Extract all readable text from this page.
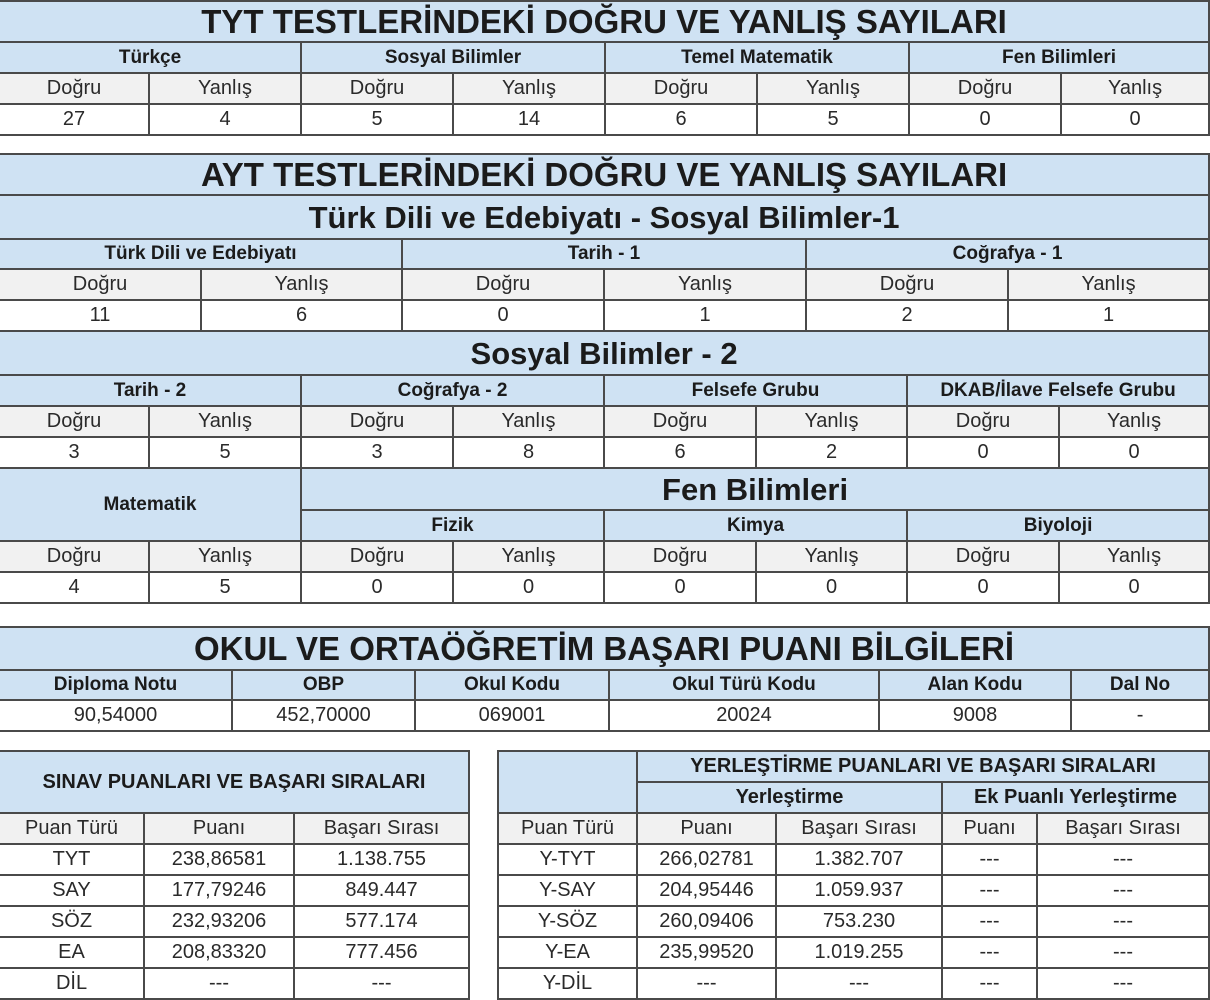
TYT TESTLERİNDEKİ DOĞRU VE YANLIŞ SAYILARI							
Türkçe		Sosyal Bilimler		Temel Matematik		Fen Bilimleri	
Doğru	Yanlış	Doğru	Yanlış	Doğru	Yanlış	Doğru	Yanlış
27	4	5	14	6	5	0	0
AYT TESTLERİNDEKİ DOĞRU VE YANLIŞ SAYILARI											
Türk Dili ve Edebiyatı - Sosyal Bilimler-1											
Türk Dili ve Edebiyatı				Tarih - 1				Coğrafya - 1			
Doğru		Yanlış		Doğru		Yanlış		Doğru		Yanlış	
11		6		0		1		2		1	
Sosyal Bilimler - 2											
Tarih - 2			Coğrafya - 2			Felsefe Grubu			DKAB/İlave Felsefe Grubu		
Doğru	Yanlış		Doğru		Yanlış	Doğru	Yanlış		Doğru		Yanlış
3	5		3		8	6	2		0		0
Matematik			Fen Bilimleri								
			Fizik			Kimya			Biyoloji		
Doğru	Yanlış		Doğru		Yanlış	Doğru	Yanlış		Doğru		Yanlış
4	5		0		0	0	0		0		0
OKUL VE ORTAÖĞRETİM BAŞARI PUANI BİLGİLERİ					
Diploma Notu	OBP	Okul Kodu	Okul Türü Kodu	Alan Kodu	Dal No
90,54000	452,70000	069001	20024	9008	-
SINAV PUANLARI VE BAŞARI SIRALARI		
Puan Türü	Puanı	Başarı Sırası
TYT	238,86581	1.138.755
SAY	177,79246	849.447
SÖZ	232,93206	577.174
EA	208,83320	777.456
DİL	---	---
	YERLEŞTİRME PUANLARI VE BAŞARI SIRALARI			
	Yerleştirme		Ek Puanlı Yerleştirme	
Puan Türü	Puanı	Başarı Sırası	Puanı	Başarı Sırası
Y-TYT	266,02781	1.382.707	---	---
Y-SAY	204,95446	1.059.937	---	---
Y-SÖZ	260,09406	753.230	---	---
Y-EA	235,99520	1.019.255	---	---
Y-DİL	---	---	---	---
